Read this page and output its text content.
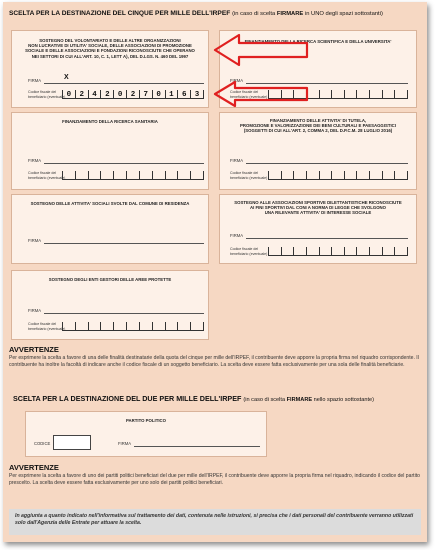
SCELTA PER LA DESTINAZIONE DEL CINQUE PER MILLE DELL'IRPEF (in caso di scelta FIRMARE in UNO degli spazi sottostanti)
SOSTEGNO DEL VOLONTARIATO E DELLE ALTRE ORGANIZZAZIONI
NON LUCRATIVE DI UTILITA' SOCIALE, DELLE ASSOCIAZIONI DI PROMOZIONE
SOCIALE E DELLE ASSOCIAZIONI E FONDAZIONI RICONOSCIUTE CHE OPERANO
NEI SETTORI DI CUI ALL'ART. 10, C. 1, LETT A), DEL D.LGS. N. 460 DEL 1997
FIRMA	X
Codice fiscale del
beneficiario (eventuale) 0	2	4	2	0	2	7	0	1	6	3
FINANZIAMENTO DELLA RICERCA SCIENTIFICA E DELLA UNIVERSITA'
FIRMA
Codice fiscale del
beneficiario (eventuale)
FINANZIAMENTO DELLA RICERCA SANITARIA
FIRMA
Codice fiscale del
beneficiario (eventuale)
FINANZIAMENTO DELLE ATTIVITA' DI TUTELA,
PROMOZIONE E VALORIZZAZIONE DEI BENI CULTURALI E PAESAGGISTICI
(SOGGETTI DI CUI ALL'ART. 2, COMMA 2, DEL D.P.C.M. 28 LUGLIO 2016)
FIRMA
Codice fiscale del
beneficiario (eventuale)
SOSTEGNO DELLE ATTIVITA' SOCIALI SVOLTE DAL COMUNE DI RESIDENZA
FIRMA
SOSTEGNO ALLE ASSOCIAZIONI SPORTIVE DILETTANTISTICHE RICONOSCIUTE
AI FINI SPORTIVI DAL CONI A NORMA DI LEGGE CHE SVOLGONO
UNA RILEVANTE ATTIVITA' DI INTERESSE SOCIALE
FIRMA
Codice fiscale del
beneficiario (eventuale)
SOSTEGNO DEGLI ENTI GESTORI DELLE AREE PROTETTE
FIRMA
Codice fiscale del
beneficiario (eventuale)
AVVERTENZE
Per esprimere la scelta a favore di una delle finalità destinatarie della quota del cinque per mille dell'IRPEF, il contribuente deve apporre la propria firma nel riquadro corrispondente. Il contribuente ha inoltre la facoltà di indicare anche il codice fiscale di un soggetto beneficiario. La scelta deve essere fatta esclusivamente per una sola delle finalità beneficiarie.
SCELTA PER LA DESTINAZIONE DEL DUE PER MILLE DELL'IRPEF (in caso di scelta FIRMARE nello spazio sottostante)
PARTITO POLITICO
CODICE	FIRMA
AVVERTENZE
Per esprimere la scelta a favore di uno dei partiti politici beneficiari del due per mille dell'IRPEF, il contribuente deve apporre la propria firma nel riquadro, indicando il codice del partito prescelto. La scelta deve essere fatta esclusivamente per uno solo dei partiti politici beneficiari.
In aggiunta a quanto indicato nell'informativa sul trattamento dei dati, contenuta nelle istruzioni, si precisa che i dati personali del contribuente verranno utilizzati solo dall'Agenzia delle Entrate per attuare la scelta.
